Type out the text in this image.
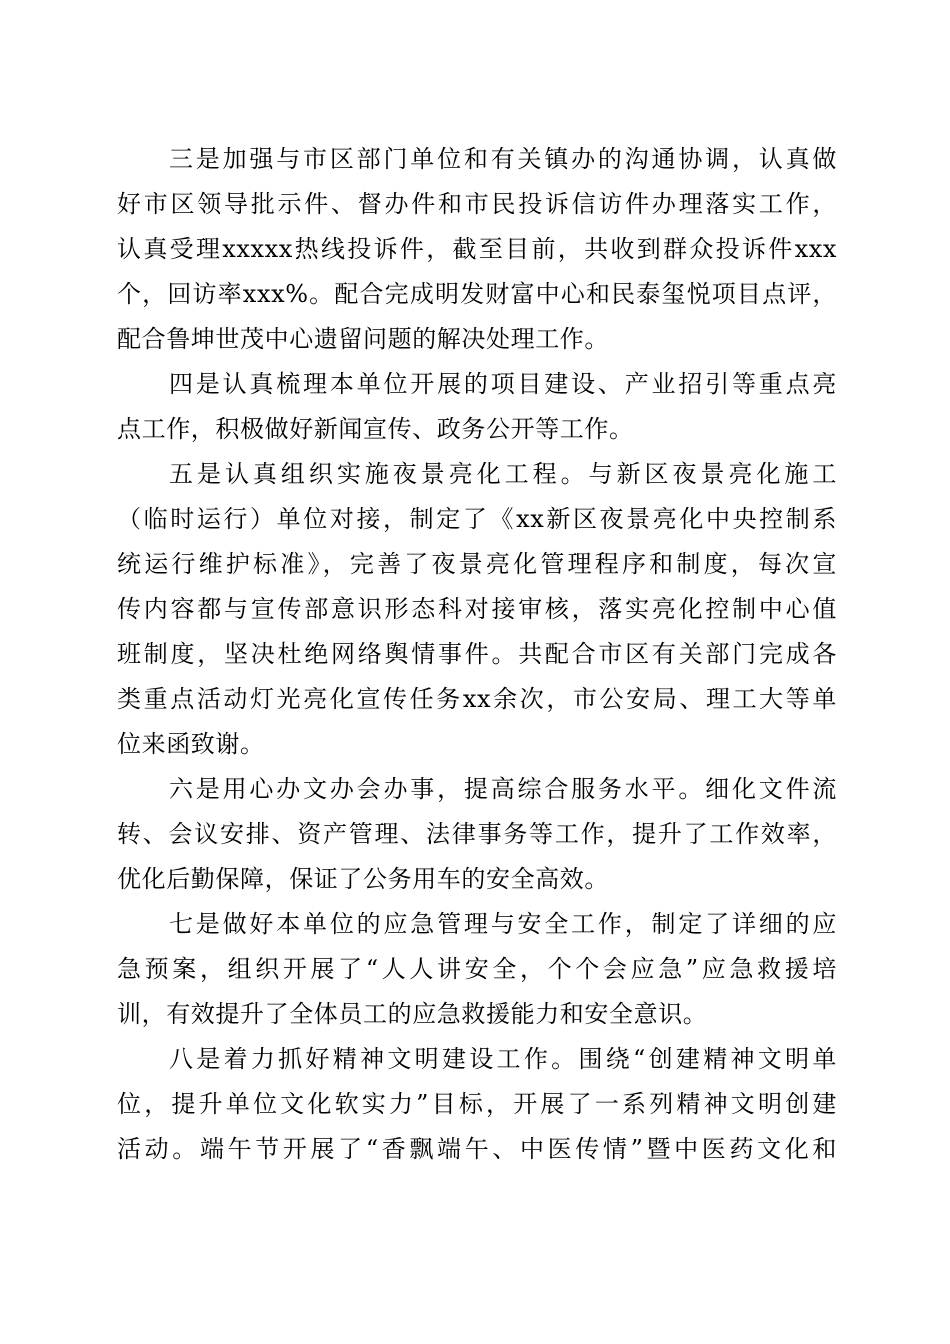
三是加强与市区部门单位和有关镇办的沟通协调，认真做
好市区领导批示件、督办件和市民投诉信访件办理落实工作，
认真受理xxxxx热线投诉件，截至目前，共收到群众投诉件xxx
个，回访率xxx%。配合完成明发财富中心和民泰玺悦项目点评，
配合鲁坤世茂中心遗留问题的解决处理工作。
四是认真梳理本单位开展的项目建设、产业招引等重点亮
点工作，积极做好新闻宣传、政务公开等工作。
五是认真组织实施夜景亮化工程。与新区夜景亮化施工
（临时运行）单位对接，制定了《xx新区夜景亮化中央控制系
统运行维护标准》，完善了夜景亮化管理程序和制度，每次宣
传内容都与宣传部意识形态科对接审核，落实亮化控制中心值
班制度，坚决杜绝网络舆情事件。共配合市区有关部门完成各
类重点活动灯光亮化宣传任务xx余次，市公安局、理工大等单
位来函致谢。
六是用心办文办会办事，提高综合服务水平。细化文件流
转、会议安排、资产管理、法律事务等工作，提升了工作效率，
优化后勤保障，保证了公务用车的安全高效。
七是做好本单位的应急管理与安全工作，制定了详细的应
急预案，组织开展了“人人讲安全，个个会应急”应急救援培
训，有效提升了全体员工的应急救援能力和安全意识。
八是着力抓好精神文明建设工作。围绕“创建精神文明单
位，提升单位文化软实力”目标，开展了一系列精神文明创建
活动。端午节开展了“香飘端午、中医传情”暨中医药文化和
